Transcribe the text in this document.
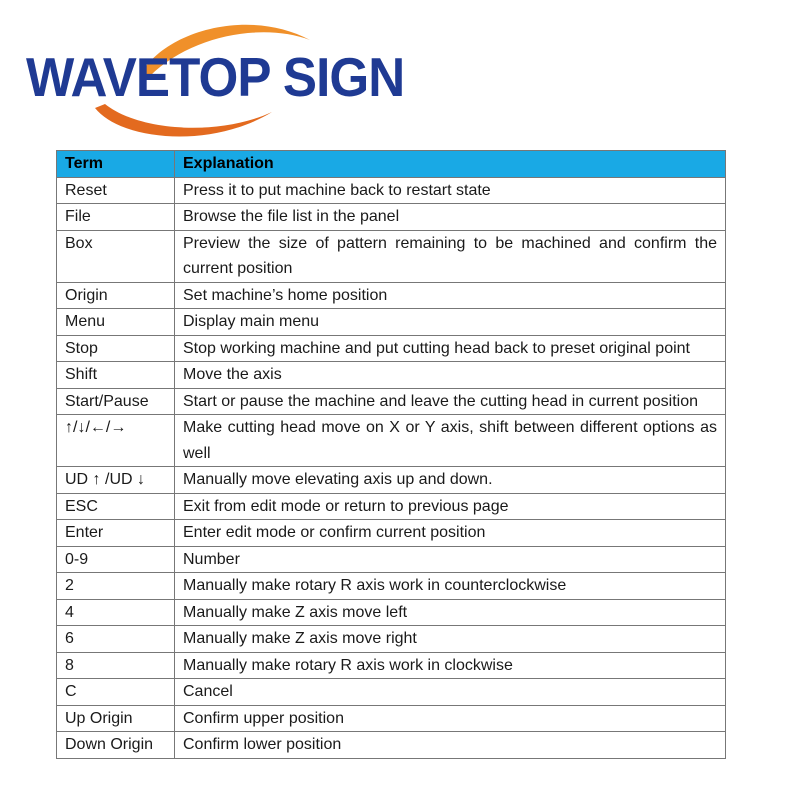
WAVETOP SIGN
Term	Explanation
Reset	Press it to put machine back to restart state
File	Browse the file list in the panel
Box	Preview the size of pattern remaining to be machined and confirm the current position
Origin	Set machine’s home position
Menu	Display main menu
Stop	Stop working machine and put cutting head back to preset original point
Shift	Move the axis
Start/Pause	Start or pause the machine and leave the cutting head in current position
↑/↓/←/→	Make cutting head move on X or Y axis, shift between different options as well
UD ↑ /UD ↓	Manually move elevating axis up and down.
ESC	Exit from edit mode or return to previous page
Enter	Enter edit mode or confirm current position
0-9	Number
2	Manually make rotary R axis work in counterclockwise
4	Manually make Z axis move left
6	Manually make Z axis move right
8	Manually make rotary R axis work in clockwise
C	Cancel
Up Origin	Confirm upper position
Down Origin	Confirm lower position
